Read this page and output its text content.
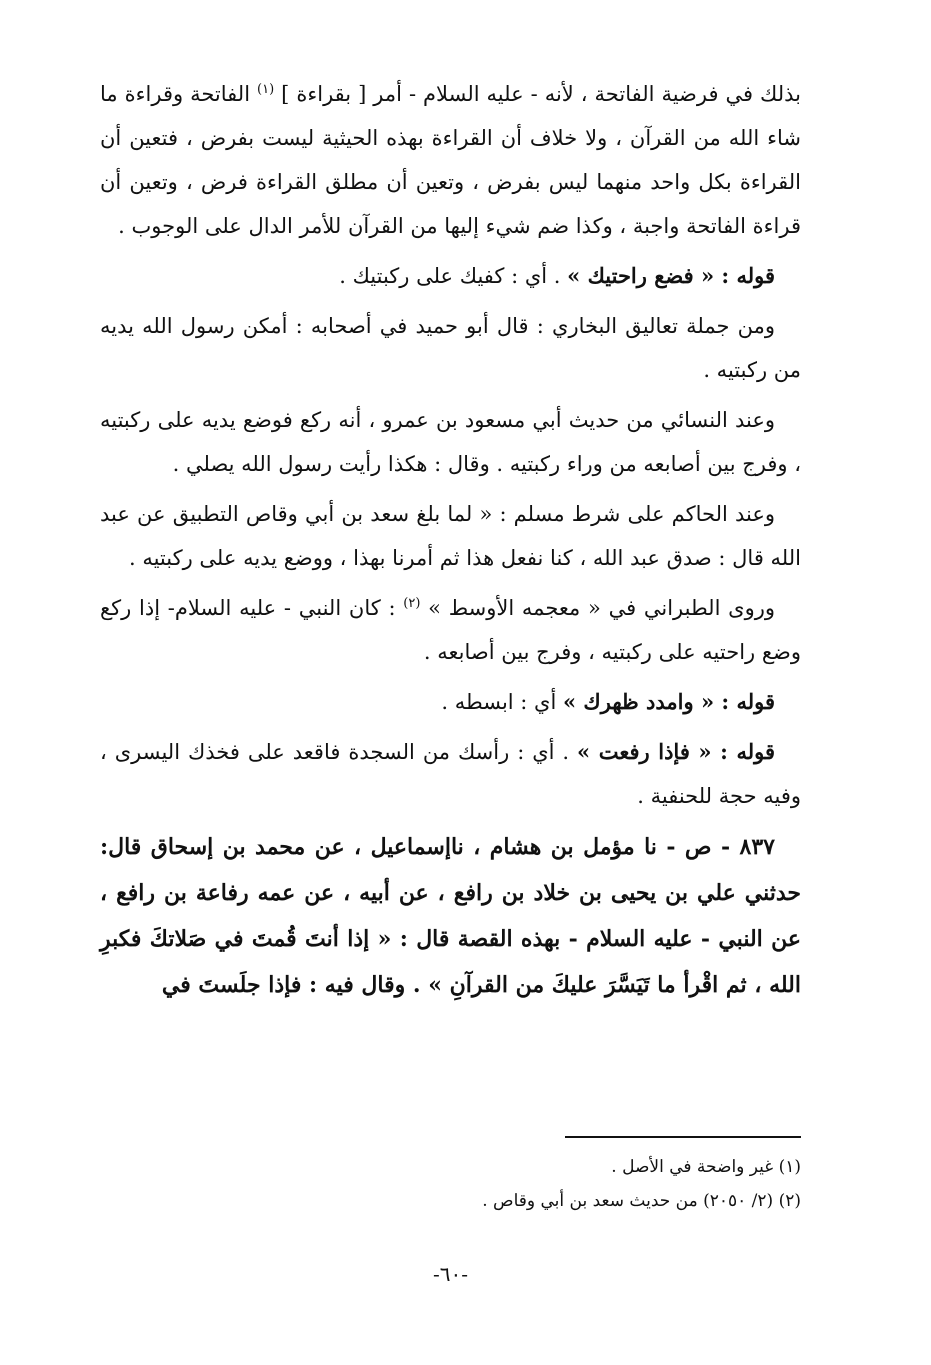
بذلك في فرضية الفاتحة ، لأنه - عليه السلام - أمر [ بقراءة ] $^{(١)}$ الفاتحة وقراءة ما شاء الله من القرآن ، ولا خلاف أن القراءة بهذه الحيثية ليست بفرض ، فتعين أن القراءة بكل واحد منهما ليس بفرض ، وتعين أن مطلق القراءة فرض ، وتعين أن قراءة الفاتحة واجبة ، وكذا ضم شيء إليها من القرآن للأمر الدال على الوجوب .

قوله : « فضع راحتيك » . أي : كفيك على ركبتيك .

ومن جملة تعاليق البخاري : قال أبو حميد في أصحابه : أمكن رسول الله يديه من ركبتيه .

وعند النسائي من حديث أبي مسعود بن عمرو ، أنه ركع فوضع يديه على ركبتيه ، وفرج بين أصابعه من وراء ركبتيه . وقال : هكذا رأيت رسول الله يصلي .

وعند الحاكم على شرط مسلم : « لما بلغ سعد بن أبي وقاص التطبيق عن عبد الله قال : صدق عبد الله ، كنا نفعل هذا ثم أمرنا بهذا ، ووضع يديه على ركبتيه .

وروى الطبراني في « معجمه الأوسط » $^{(٢)}$ : كان النبي - عليه السلام- إذا ركع وضع راحتيه على ركبتيه ، وفرج بين أصابعه .

قوله : « وامدد ظهرك » أي : ابسطه .

قوله : « فإذا رفعت » . أي : رأسك من السجدة فاقعد على فخذك اليسرى ، وفيه حجة للحنفية .

٨٣٧ - ص - نا مؤمل بن هشام ، ناإسماعيل ، عن محمد بن إسحاق قال: حدثني علي بن يحيى بن خلاد بن رافع ، عن أبيه ، عن عمه رفاعة بن رافع ، عن النبي - عليه السلام - بهذه القصة قال : « إذا أنتَ قُمتَ في صَلاتكَ فكبرِ الله ، ثم اقْرأ ما تَيَسَّرَ عليكَ من القرآنِ » . وقال فيه : فإذا جلَستَ في

(١) غير واضحة في الأصل .

(٢) (٢/ ٢٠٥٠) من حديث سعد بن أبي وقاص .

-٦٠-
